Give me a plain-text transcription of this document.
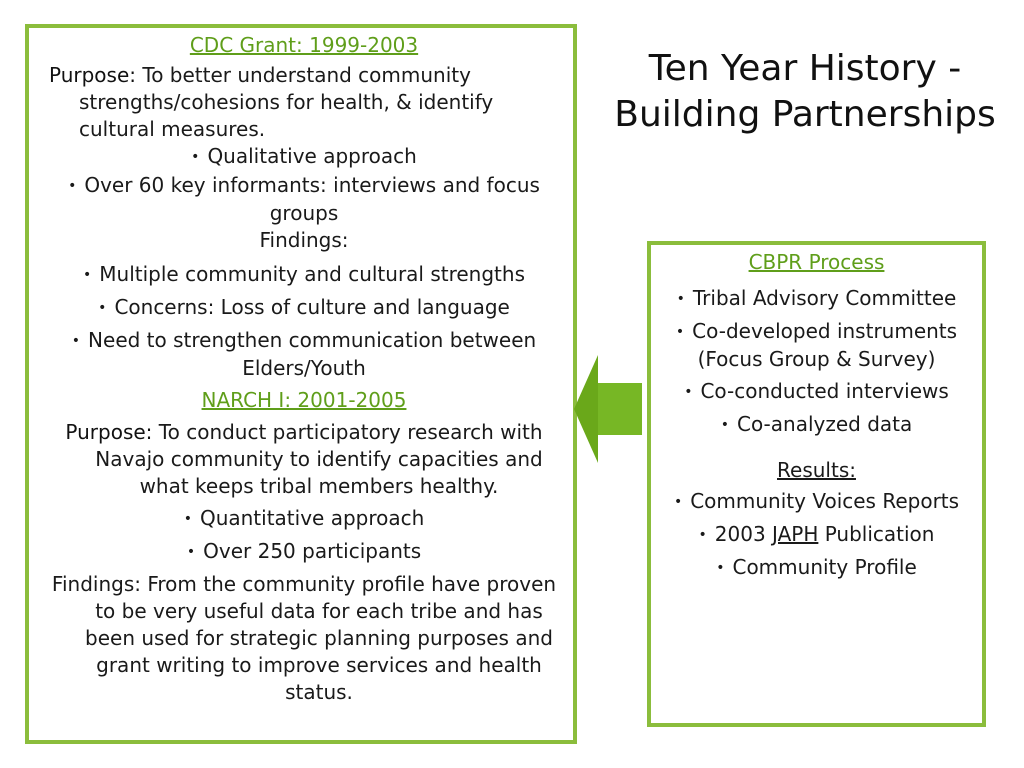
CDC Grant: 1999-2003
Purpose: To better understand community strengths/cohesions for health, & identify cultural measures.
• Qualitative approach
• Over 60 key informants: interviews and focus groups
Findings:
• Multiple community and cultural strengths
• Concerns: Loss of culture and language
• Need to strengthen communication between Elders/Youth
NARCH I: 2001-2005
Purpose: To conduct participatory research with Navajo community to identify capacities and what keeps tribal members healthy.
• Quantitative approach
• Over 250 participants
Findings: From the community profile have proven to be very useful data for each tribe and has been used for strategic planning purposes and grant writing to improve services and health status.
Ten Year History - Building Partnerships
CBPR Process
• Tribal Advisory Committee
• Co-developed instruments (Focus Group & Survey)
• Co-conducted interviews
• Co-analyzed data
Results:
• Community Voices Reports
• 2003 JAPH Publication
• Community Profile
